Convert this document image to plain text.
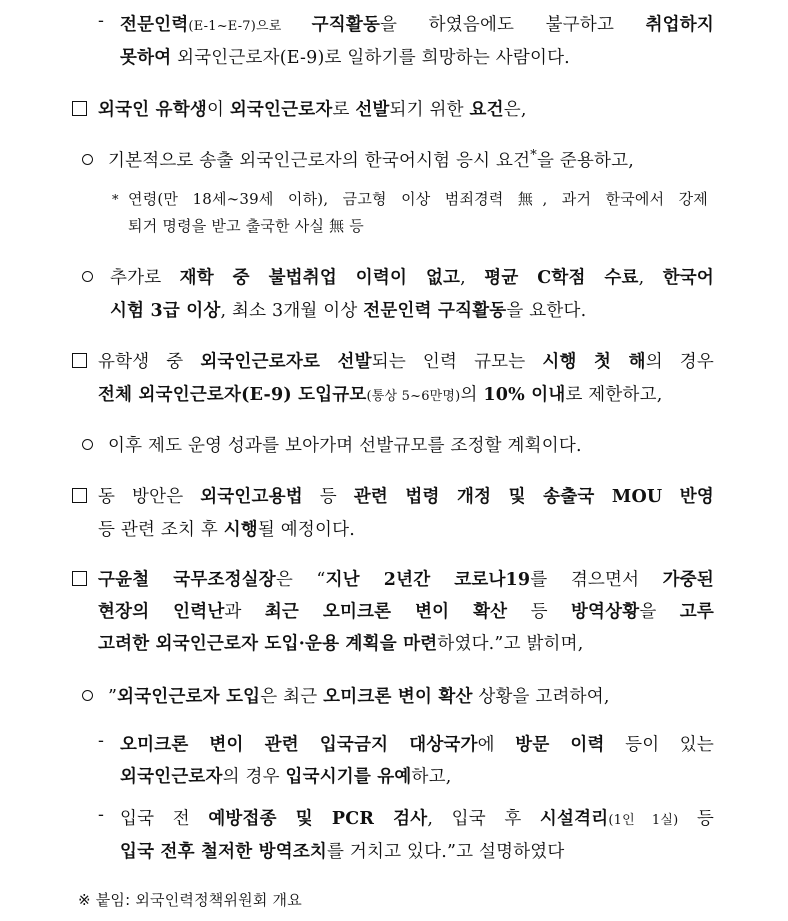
- 전문인력(E-1~E-7)으로 구직활동을 하였음에도 불구하고 취업하지
못하여 외국인근로자(E-9)로 일하기를 희망하는 사람이다.
외국인 유학생이 외국인근로자로 선발되기 위한 요건은,
기본적으로 송출 외국인근로자의 한국어시험 응시 요건*을 준용하고,
* 연령(만 18세∼39세 이하), 금고형 이상 범죄경력 無, 과거 한국에서 강제
퇴거 명령을 받고 출국한 사실 無 등
추가로 재학 중 불법취업 이력이 없고, 평균 C학점 수료, 한국어
시험 3급 이상, 최소 3개월 이상 전문인력 구직활동을 요한다.
유학생 중 외국인근로자로 선발되는 인력 규모는 시행 첫 해의 경우
전체 외국인근로자(E-9) 도입규모(통상 5~6만명)의 10% 이내로 제한하고,
이후 제도 운영 성과를 보아가며 선발규모를 조정할 계획이다.
동 방안은 외국인고용법 등 관련 법령 개정 및 송출국 MOU 반영
등 관련 조치 후 시행될 예정이다.
구윤철 국무조정실장은 “지난 2년간 코로나19를 겪으면서 가중된
현장의 인력난과 최근 오미크론 변이 확산 등 방역상황을 고루
고려한 외국인근로자 도입·운용 계획을 마련하였다.”고 밝히며,
”외국인근로자 도입은 최근 오미크론 변이 확산 상황을 고려하여,
- 오미크론 변이 관련 입국금지 대상국가에 방문 이력 등이 있는
외국인근로자의 경우 입국시기를 유예하고,
- 입국 전 예방접종 및 PCR 검사, 입국 후 시설격리(1인 1실) 등
입국 전후 철저한 방역조치를 거치고 있다.”고 설명하였다
※ 붙임: 외국인력정책위원회 개요
